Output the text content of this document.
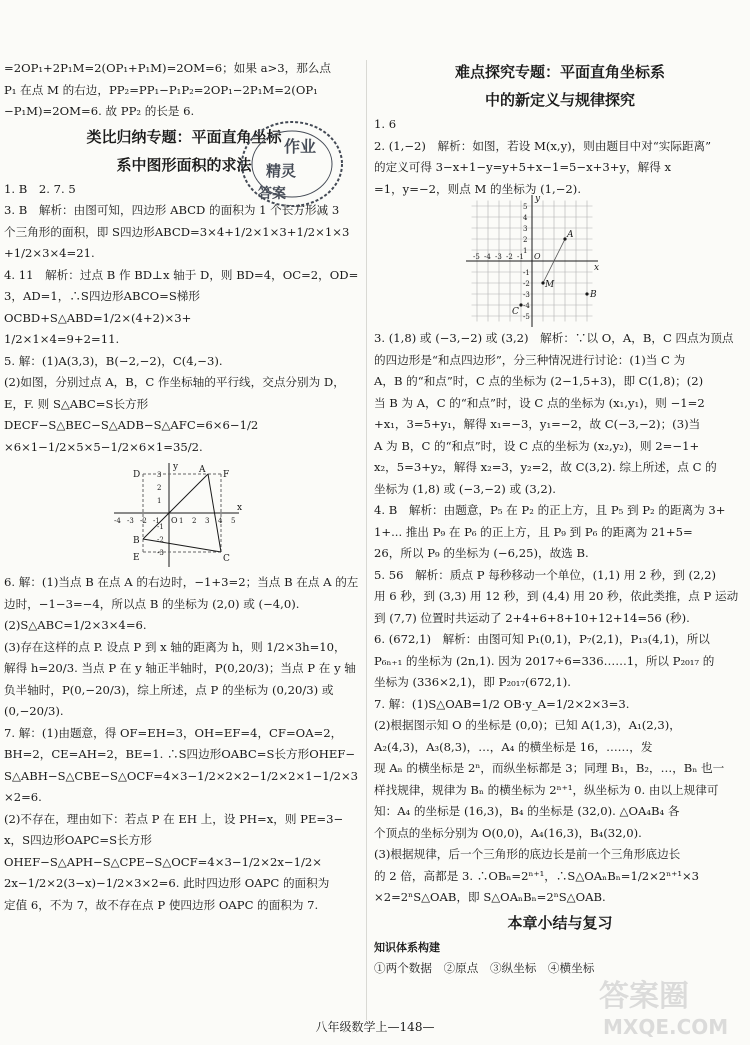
=2OP₁+2P₁M=2(OP₁+P₁M)=2OM=6；如果 a>3，那么点
P₁ 在点 M 的右边，PP₂=PP₁−P₁P₂=2OP₁−2P₁M=2(OP₁
−P₁M)=2OM=6. 故 PP₂ 的长是 6.
类比归纳专题：平面直角坐标
系中图形面积的求法
1. B　2. 7. 5
3. B　解析：由图可知，四边形 ABCD 的面积为 1 个长方形减 3
个三角形的面积，即 S四边形ABCD=3×4+1/2×1×3+1/2×1×3
+1/2×3×4=21.
4. 11　解析：过点 B 作 BD⊥x 轴于 D，则 BD=4，OC=2，OD=
3，AD=1，∴S四边形ABCO=S梯形OCBD+S△ABD=1/2×(4+2)×3+
1/2×1×4=9+2=11.
5. 解：(1)A(3,3)，B(−2,−2)，C(4,−3).
(2)如图，分别过点 A，B，C 作坐标轴的平行线，交点分别为 D，
E，F. 则 S△ABC=S长方形DECF−S△BEC−S△ADB−S△AFC=6×6−1/2
×6×1−1/2×5×5−1/2×6×1=35/2.
D	A F
B
E	C
O
x
y
-4 -3 -2 -1	1 2 3 4 5
3
2
1
-1
-2
-3
6. 解：(1)当点 B 在点 A 的右边时，−1+3=2；当点 B 在点 A 的左
边时，−1−3=−4，所以点 B 的坐标为 (2,0) 或 (−4,0).
(2)S△ABC=1/2×3×4=6.
(3)存在这样的点 P. 设点 P 到 x 轴的距离为 h，则 1/2×3h=10，
解得 h=20/3. 当点 P 在 y 轴正半轴时，P(0,20/3)；当点 P 在 y 轴
负半轴时，P(0,−20/3)，综上所述，点 P 的坐标为 (0,20/3) 或
(0,−20/3).
7. 解：(1)由题意，得 OF=EH=3，OH=EF=4，CF=OA=2，
BH=2，CE=AH=2，BE=1. ∴S四边形OABC=S长方形OHEF−
S△ABH−S△CBE−S△OCF=4×3−1/2×2×2−1/2×2×1−1/2×3
×2=6.
(2)不存在，理由如下：若点 P 在 EH 上，设 PH=x，则 PE=3−
x，S四边形OAPC=S长方形OHEF−S△APH−S△CPE−S△OCF=4×3−1/2×2x−1/2×
2x−1/2×2(3−x)−1/2×3×2=6. 此时四边形 OAPC 的面积为
定值 6，不为 7，故不存在点 P 使四边形 OAPC 的面积为 7.
难点探究专题：平面直角坐标系
中的新定义与规律探究
1. 6
2. (1,−2)　解析：如图，若设 M(x,y)，则由题目中对“实际距离”
的定义可得 3−x+1−y=y+5+x−1=5−x+3+y，解得 x
=1，y=−2，则点 M 的坐标为 (1,−2).
A
B
C
M
O
x
y
-5 -4 -3 -2 -1
5
4
3
2
1
-1
-2
-3
-4
-5
3. (1,8) 或 (−3,−2) 或 (3,2)　解析：∵以 O，A，B，C 四点为顶点
的四边形是“和点四边形”，分三种情况进行讨论：(1)当 C 为
A，B 的“和点”时，C 点的坐标为 (2−1,5+3)，即 C(1,8)；(2)
当 B 为 A，C 的“和点”时，设 C 点的坐标为 (x₁,y₁)，则 −1=2
+x₁，3=5+y₁，解得 x₁=−3，y₁=−2，故 C(−3,−2)；(3)当
A 为 B，C 的“和点”时，设 C 点的坐标为 (x₂,y₂)，则 2=−1+
x₂，5=3+y₂，解得 x₂=3，y₂=2，故 C(3,2). 综上所述，点 C 的
坐标为 (1,8) 或 (−3,−2) 或 (3,2).
4. B　解析：由题意，P₅ 在 P₂ 的正上方，且 P₅ 到 P₂ 的距离为 3+
1+... 推出 P₉ 在 P₆ 的正上方，且 P₉ 到 P₆ 的距离为 21+5=
26，所以 P₉ 的坐标为 (−6,25)，故选 B.
5. 56　解析：质点 P 每秒移动一个单位，(1,1) 用 2 秒，到 (2,2)
用 6 秒，到 (3,3) 用 12 秒，到 (4,4) 用 20 秒，依此类推，点 P 运动
到 (7,7) 位置时共运动了 2+4+6+8+10+12+14=56 (秒).
6. (672,1)　解析：由图可知 P₁(0,1)，P₇(2,1)，P₁₃(4,1)，所以
P₆ₙ₊₁ 的坐标为 (2n,1). 因为 2017÷6=336……1，所以 P₂₀₁₇ 的
坐标为 (336×2,1)，即 P₂₀₁₇(672,1).
7. 解：(1)S△OAB=1/2 OB·y_A=1/2×2×3=3.
(2)根据图示知 O 的坐标是 (0,0)；已知 A(1,3)，A₁(2,3)，
A₂(4,3)，A₃(8,3)，…，A₄ 的横坐标是 16，……，发
现 Aₙ 的横坐标是 2ⁿ，而纵坐标都是 3；同理 B₁，B₂，…，Bₙ 也一
样找规律，规律为 Bₙ 的横坐标为 2ⁿ⁺¹，纵坐标为 0. 由以上规律可
知：A₄ 的坐标是 (16,3)，B₄ 的坐标是 (32,0). △OA₄B₄ 各
个顶点的坐标分别为 O(0,0)，A₄(16,3)，B₄(32,0).
(3)根据规律，后一个三角形的底边长是前一个三角形底边长
的 2 倍，高都是 3. ∴OBₙ=2ⁿ⁺¹，∴S△OAₙBₙ=1/2×2ⁿ⁺¹×3
×2=2ⁿS△OAB，即 S△OAₙBₙ=2ⁿS△OAB.
本章小结与复习
知识体系构建
①两个数据　②原点　③纵坐标　④横坐标
作业
精灵
答案
答案圈
MXQE.COM
八年级数学上—148—
